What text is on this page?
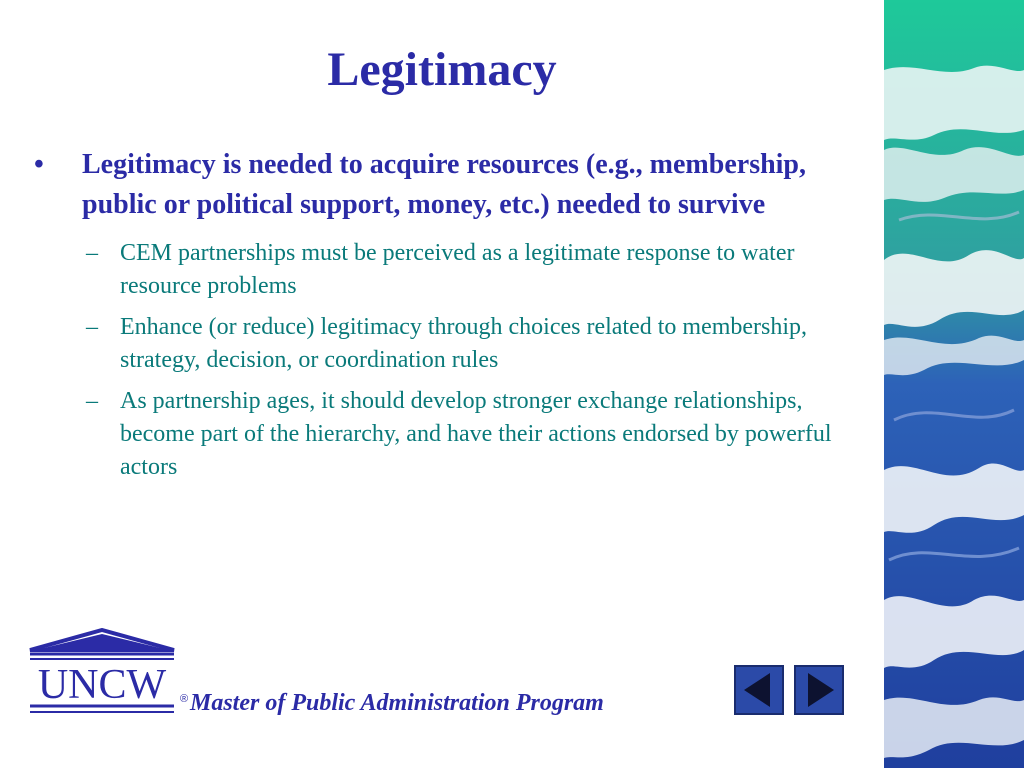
Legitimacy
•	Legitimacy is needed to acquire resources (e.g., membership, public or political support, money, etc.) needed to survive
– CEM partnerships must be perceived as a legitimate response to water resource problems
– Enhance (or reduce) legitimacy through choices related to membership, strategy, decision, or coordination rules
– As partnership ages, it should develop stronger exchange relationships, become part of the hierarchy, and have their actions endorsed by powerful actors
UNCW ® Master of Public Administration Program
